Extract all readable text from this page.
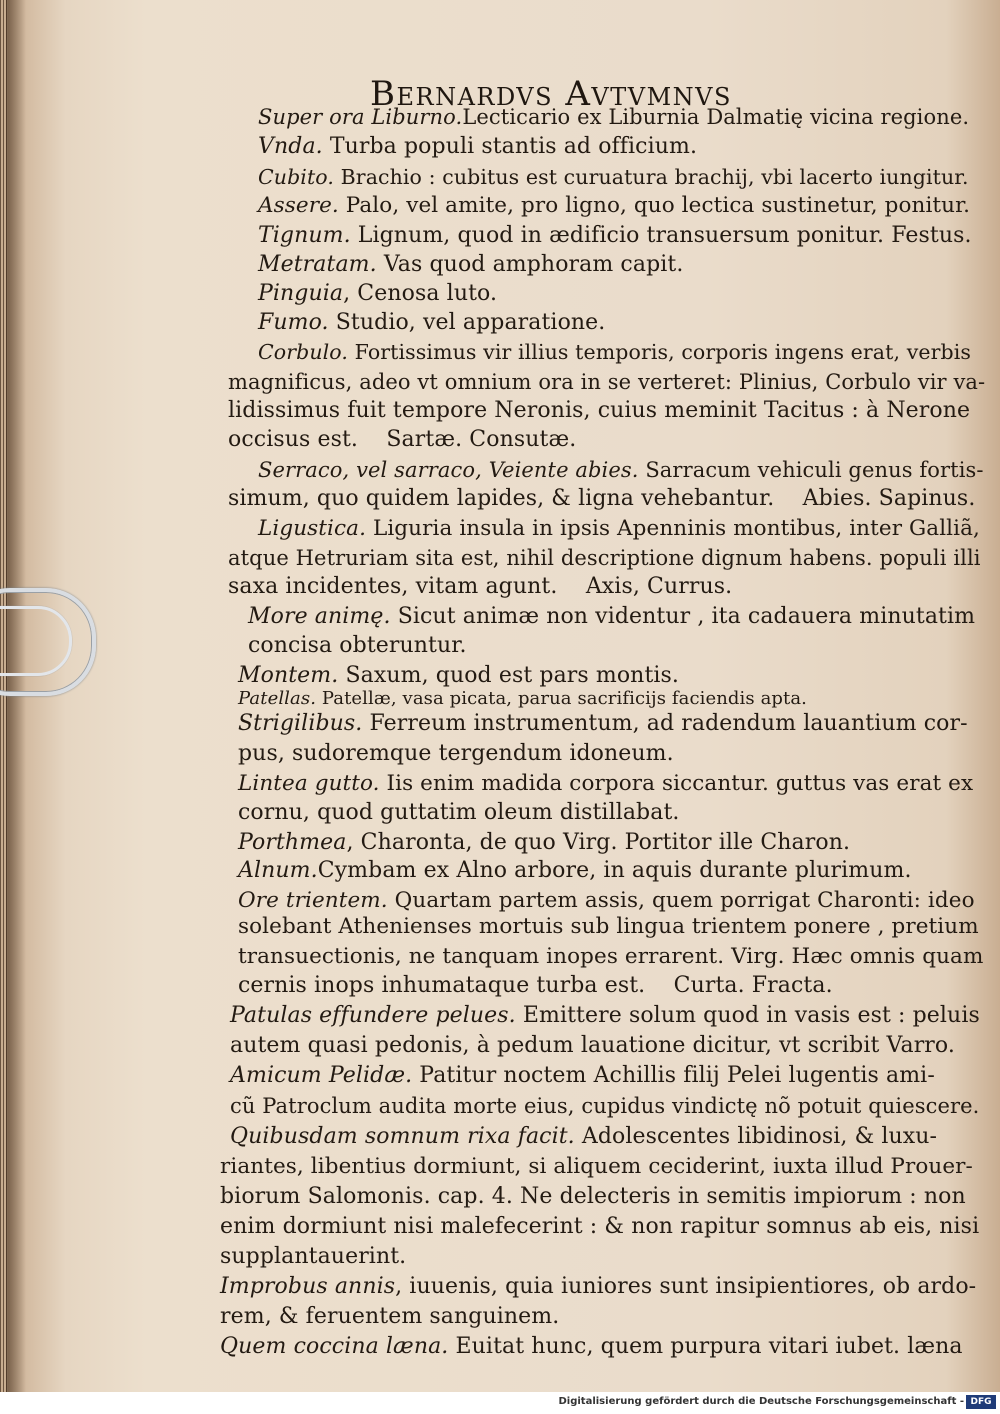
Bernardvs Avtvmnvs
Super ora Liburno.Lecticario ex Liburnia Dalmatię vicina regione.
Vnda. Turba populi stantis ad officium.
Cubito. Brachio : cubitus est curuatura brachij, vbi lacerto iungitur.
Assere. Palo, vel amite, pro ligno, quo lectica sustinetur, ponitur.
Tignum. Lignum, quod in ædificio transuersum ponitur. Festus.
Metratam. Vas quod amphoram capit.
Pinguia, Cenosa luto.
Fumo. Studio, vel apparatione.
Corbulo. Fortissimus vir illius temporis, corporis ingens erat, verbis
magnificus, adeo vt omnium ora in se verteret: Plinius, Corbulo vir va-
lidissimus fuit tempore Neronis, cuius meminit Tacitus : à Nerone
occisus est.    Sartæ. Consutæ.
Serraco, vel sarraco, Veiente abies. Sarracum vehiculi genus fortis-
simum, quo quidem lapides, & ligna vehebantur.    Abies. Sapinus.
Ligustica. Liguria insula in ipsis Apenninis montibus, inter Galliã,
atque Hetruriam sita est, nihil descriptione dignum habens. populi illi
saxa incidentes, vitam agunt.    Axis, Currus.
More animę. Sicut animæ non videntur , ita cadauera minutatim
concisa obteruntur.
Montem. Saxum, quod est pars montis.
Patellas. Patellæ, vasa picata, parua sacrificijs faciendis apta.
Strigilibus. Ferreum instrumentum, ad radendum lauantium cor-
pus, sudoremque tergendum idoneum.
Lintea gutto. Iis enim madida corpora siccantur. guttus vas erat ex
cornu, quod guttatim oleum distillabat.
Porthmea, Charonta, de quo Virg. Portitor ille Charon.
Alnum.Cymbam ex Alno arbore, in aquis durante plurimum.
Ore trientem. Quartam partem assis, quem porrigat Charonti: ideo
solebant Athenienses mortuis sub lingua trientem ponere , pretium
transuectionis, ne tanquam inopes errarent. Virg. Hæc omnis quam
cernis inops inhumataque turba est.    Curta. Fracta.
Patulas effundere pelues. Emittere solum quod in vasis est : peluis
autem quasi pedonis, à pedum lauatione dicitur, vt scribit Varro.
Amicum Pelidæ. Patitur noctem Achillis filij Pelei lugentis ami-
cũ Patroclum audita morte eius, cupidus vindictę nõ potuit quiescere.
Quibusdam somnum rixa facit. Adolescentes libidinosi, & luxu-
riantes, libentius dormiunt, si aliquem ceciderint, iuxta illud Prouer-
biorum Salomonis. cap. 4. Ne delecteris in semitis impiorum : non
enim dormiunt nisi malefecerint : & non rapitur somnus ab eis, nisi
supplantauerint.
Improbus annis, iuuenis, quia iuniores sunt insipientiores, ob ardo-
rem, & feruentem sanguinem.
Quem coccina læna. Euitat hunc, quem purpura vitari iubet. læna
Digitalisierung gefördert durch die Deutsche Forschungsgemeinschaft - DFG
